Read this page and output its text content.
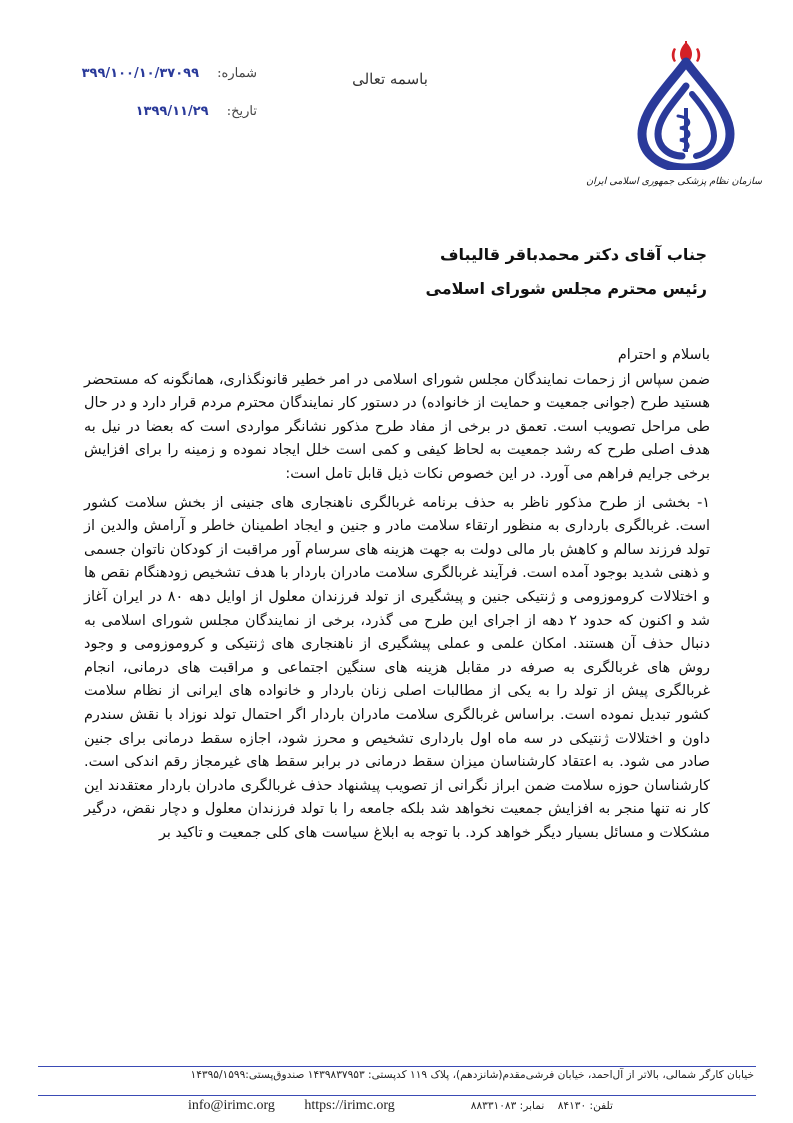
سازمان نظام پزشکی جمهوری اسلامی ایران
باسمه تعالی
شماره: ۳۹۹/۱۰۰/۱۰/۳۷۰۹۹
تاریخ: ۱۳۹۹/۱۱/۲۹
جناب آقای دکتر محمدباقر قالیباف
رئیس محترم مجلس شورای اسلامی

باسلام و احترام

ضمن سپاس از زحمات نمایندگان مجلس شورای اسلامی در امر خطیر قانونگذاری، همانگونه که مستحضر هستید طرح (جوانی جمعیت و حمایت از خانواده) در دستور کار نمایندگان محترم مردم قرار دارد و در حال طی مراحل تصویب است. تعمق در برخی از مفاد طرح مذکور نشانگر مواردی است که بعضا در نیل به هدف اصلی طرح که رشد جمعیت به لحاظ کیفی و کمی است خلل ایجاد نموده و زمینه را برای افزایش برخی جرایم فراهم می آورد. در این خصوص نکات ذیل قابل تامل است:

۱- بخشی از طرح مذکور ناظر به حذف برنامه غربالگری ناهنجاری های جنینی از بخش سلامت کشور است. غربالگری بارداری به منظور ارتقاء سلامت مادر و جنین و ایجاد اطمینان خاطر و آرامش والدین از تولد فرزند سالم و کاهش بار مالی دولت به جهت هزینه های سرسام آور مراقبت از کودکان ناتوان جسمی و ذهنی شدید بوجود آمده است. فرآیند غربالگری سلامت مادران باردار با هدف تشخیص زودهنگام نقص ها و اختلالات کروموزومی و ژنتیکی جنین و پیشگیری از تولد فرزندان معلول از اوایل دهه ۸۰ در ایران آغاز شد و اکنون که حدود ۲ دهه از اجرای این طرح می گذرد، برخی از نمایندگان مجلس شورای اسلامی به دنبال حذف آن هستند. امکان علمی و عملی پیشگیری از ناهنجاری های ژنتیکی و کروموزومی و وجود روش های غربالگری به صرفه در مقابل هزینه های سنگین اجتماعی و مراقبت های درمانی، انجام غربالگری پیش از تولد را به یکی از مطالبات اصلی زنان باردار و خانواده های ایرانی از نظام سلامت کشور تبدیل نموده است. براساس غربالگری سلامت مادران باردار اگر احتمال تولد نوزاد با نقش سندرم داون و اختلالات ژنتیکی در سه ماه اول بارداری تشخیص و محرز شود، اجازه سقط درمانی برای جنین صادر می شود. به اعتقاد کارشناسان میزان سقط درمانی در برابر سقط های غیرمجاز رقم اندکی است. کارشناسان حوزه سلامت ضمن ابراز نگرانی از تصویب پیشنهاد حذف غربالگری مادران باردار معتقدند این کار نه تنها منجر به افزایش جمعیت نخواهد شد بلکه جامعه را با تولد فرزندان معلول و دچار نقض، درگیر مشکلات و مسائل بسیار دیگر خواهد کرد. با توجه به ابلاغ سیاست های کلی جمعیت و تاکید بر

خیابان کارگر شمالی، بالاتر از آل‌احمد، خیابان فرشی‌مقدم(شانزدهم)، پلاک ۱۱۹ کدپستی: ۱۴۳۹۸۳۷۹۵۳ صندوق‌پستی:۱۴۳۹۵/۱۵۹۹
تلفن: ۸۴۱۳۰ نمابر: ۸۸۳۳۱۰۸۳
info@irimc.org https://irimc.org
